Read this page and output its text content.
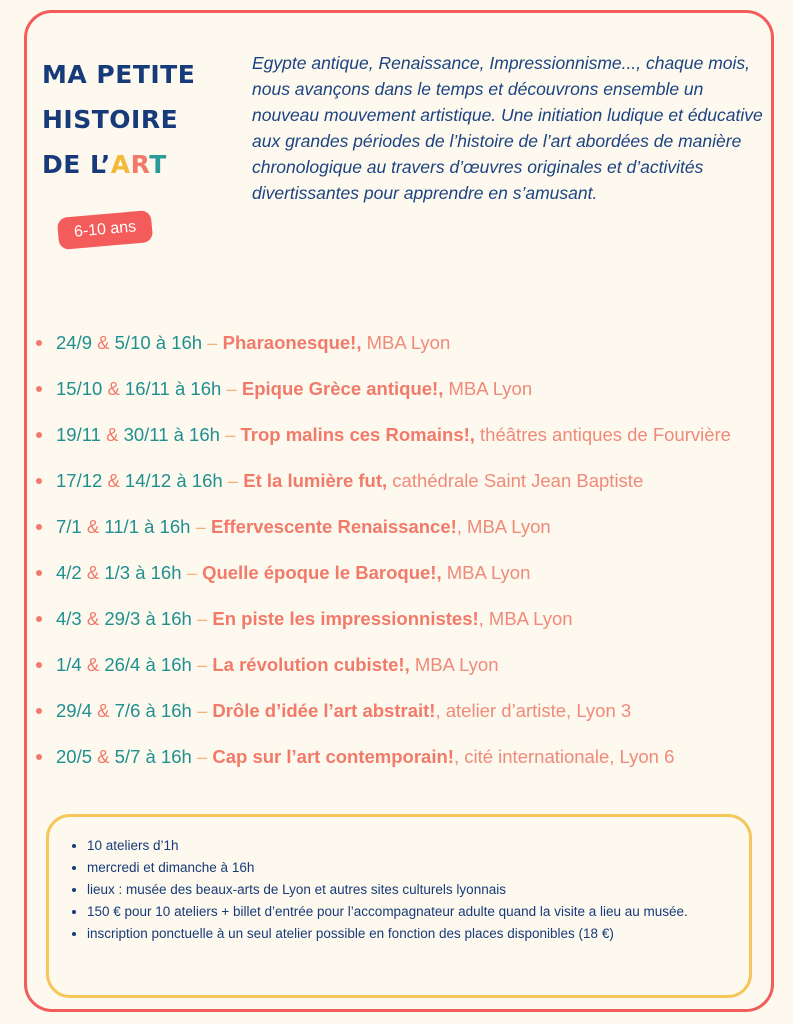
MA PETITE
HISTOIRE
DE L’ART
6-10 ans

Egypte antique, Renaissance, Impressionnisme..., chaque mois, nous avançons dans le temps et découvrons ensemble un nouveau mouvement artistique. Une initiation ludique et éducative aux grandes périodes de l’histoire de l’art abordées de manière chronologique au travers d’œuvres originales et d’activités divertissantes pour apprendre en s’amusant.

24/9 & 5/10 à 16h – Pharaonesque!, MBA Lyon
15/10 & 16/11 à 16h – Epique Grèce antique!, MBA Lyon
19/11 & 30/11 à 16h – Trop malins ces Romains!, théâtres antiques de Fourvière
17/12 & 14/12 à 16h – Et la lumière fut, cathédrale Saint Jean Baptiste
7/1 & 11/1 à 16h – Effervescente Renaissance!, MBA Lyon
4/2 & 1/3 à 16h – Quelle époque le Baroque!, MBA Lyon
4/3 & 29/3 à 16h – En piste les impressionnistes!, MBA Lyon
1/4 & 26/4 à 16h – La révolution cubiste!, MBA Lyon
29/4 & 7/6 à 16h – Drôle d’idée l’art abstrait!, atelier d’artiste, Lyon 3
20/5 & 5/7 à 16h – Cap sur l’art contemporain!, cité internationale, Lyon 6
• 10 ateliers d’1h
• mercredi et dimanche à 16h
• lieux : musée des beaux-arts de Lyon et autres sites culturels lyonnais
• 150 € pour 10 ateliers + billet d’entrée pour l’accompagnateur adulte quand la visite a lieu au musée.
• inscription ponctuelle à un seul atelier possible en fonction des places disponibles (18 €)
